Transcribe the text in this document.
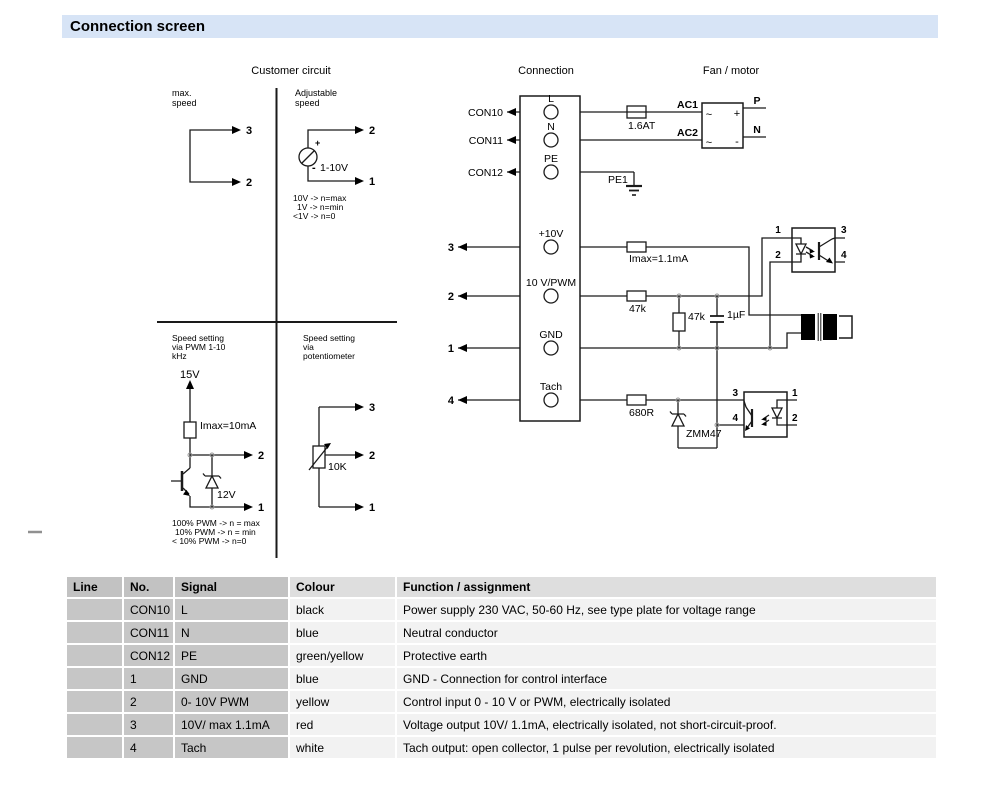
Connection screen
Customer circuit	Connection	Fan / motor
max.
speed
3
2
Adjustable
speed
2
1
+
- 1-10V
10V -> n=max
1V -> n=min
<1V -> n=0
Speed setting
via PWM 1-10
kHz
15V
Imax=10mA
2
1
12V
100% PWM -> n = max
10% PWM -> n = min
< 10% PWM -> n=0
Speed setting
via
potentiometer
3
2
1
10K
CON10
CON11
CON12
3
2
1
4
L
N
PE
+10V
10 V/PWM
GND
Tach
1.6AT
AC1
AC2
PE1
~ +
~ -
P
N
Imax=1.1mA
47k
47k 1µF
680R
ZMM47
1
2
3
4
3
4
1
2
Line	No.	Signal	Colour	Function / assignment
	CON10	L	black	Power supply 230 VAC, 50-60 Hz, see type plate for voltage range
	CON11	N	blue	Neutral conductor
	CON12	PE	green/yellow	Protective earth
	1	GND	blue	GND - Connection for control interface
	2	0- 10V PWM	yellow	Control input 0 - 10 V or PWM, electrically isolated
	3	10V/ max 1.1mA	red	Voltage output 10V/ 1.1mA, electrically isolated, not short-circuit-proof.
	4	Tach	white	Tach output: open collector, 1 pulse per revolution, electrically isolated
